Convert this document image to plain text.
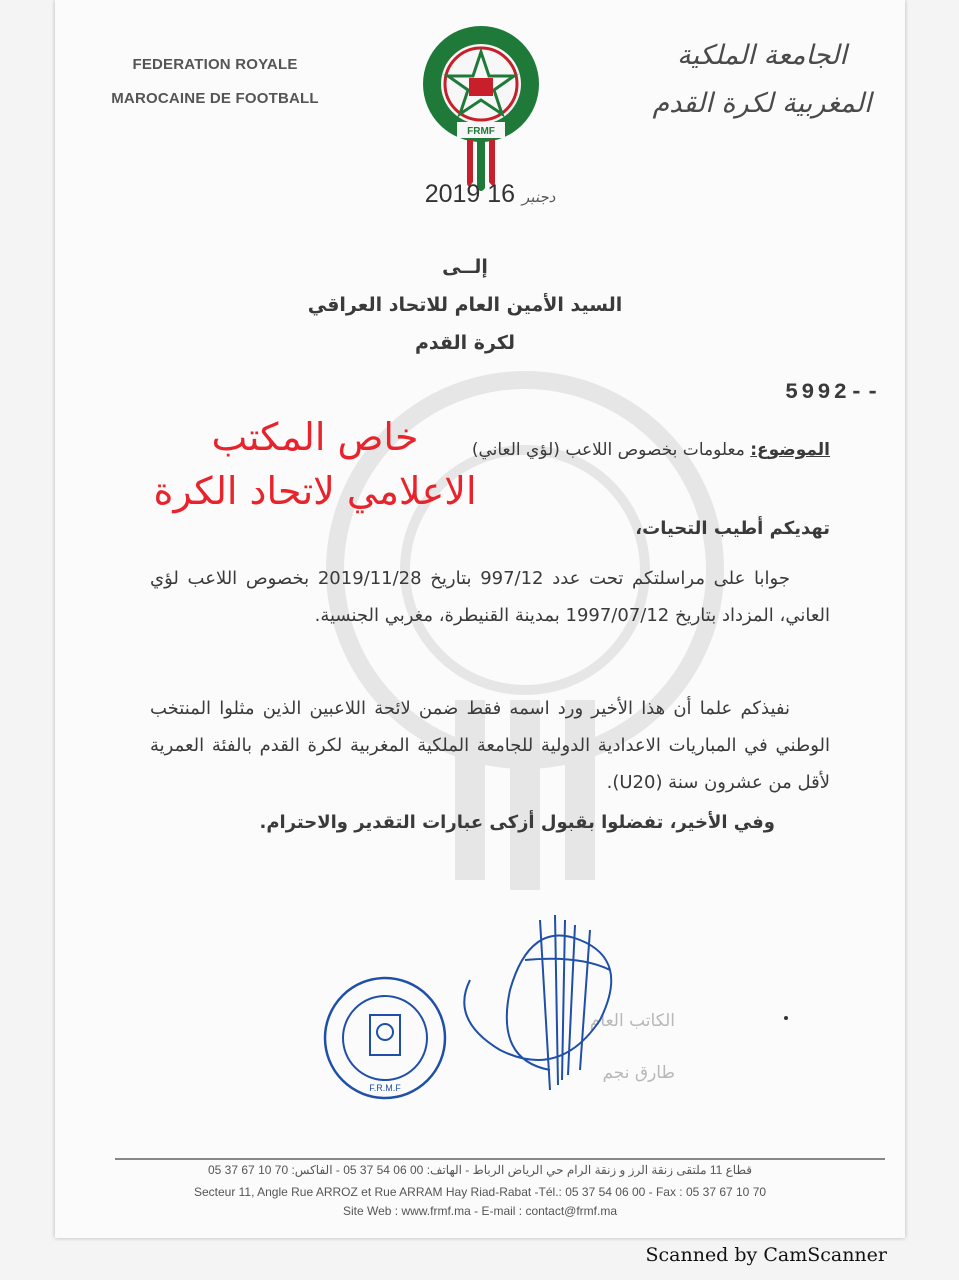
FEDERATION ROYALE
MAROCAINE DE FOOTBALL
FRMF
الجامعة الملكية
المغربية لكرة القدم
2019	دجنبر 16
إلــى
السيد الأمين العام للاتحاد العراقي
لكرة القدم
5992--
الموضوع: معلومات بخصوص اللاعب (لؤي العاني)
خاص المكتب
الاعلامي لاتحاد الكرة
تهديكم أطيب التحيات،
جوابا على مراسلتكم تحت عدد 997/12 بتاريخ 2019/11/28 بخصوص اللاعب لؤي العاني، المزداد بتاريخ 1997/07/12 بمدينة القنيطرة، مغربي الجنسية.
نفيذكم علما أن هذا الأخير ورد اسمه فقط ضمن لائحة اللاعبين الذين مثلوا المنتخب الوطني في المباريات الاعدادية الدولية للجامعة الملكية المغربية لكرة القدم بالفئة العمرية لأقل من عشرون سنة (U20).
وفي الأخير، تفضلوا بقبول أزكى عبارات التقدير والاحترام.
F.R.M.F
الكاتب العام
طارق نجم
قطاع 11 ملتقى زنقة الرز و زنقة الرام حي الرياض الرباط - الهاتف: 00 06 54 37 05 - الفاكس: 70 10 67 37 05
Secteur 11, Angle Rue ARROZ et Rue ARRAM Hay Riad-Rabat -Tél.: 05 37 54 06 00 - Fax : 05 37 67 10 70
Site Web : www.frmf.ma - E-mail : contact@frmf.ma
Scanned by CamScanner
